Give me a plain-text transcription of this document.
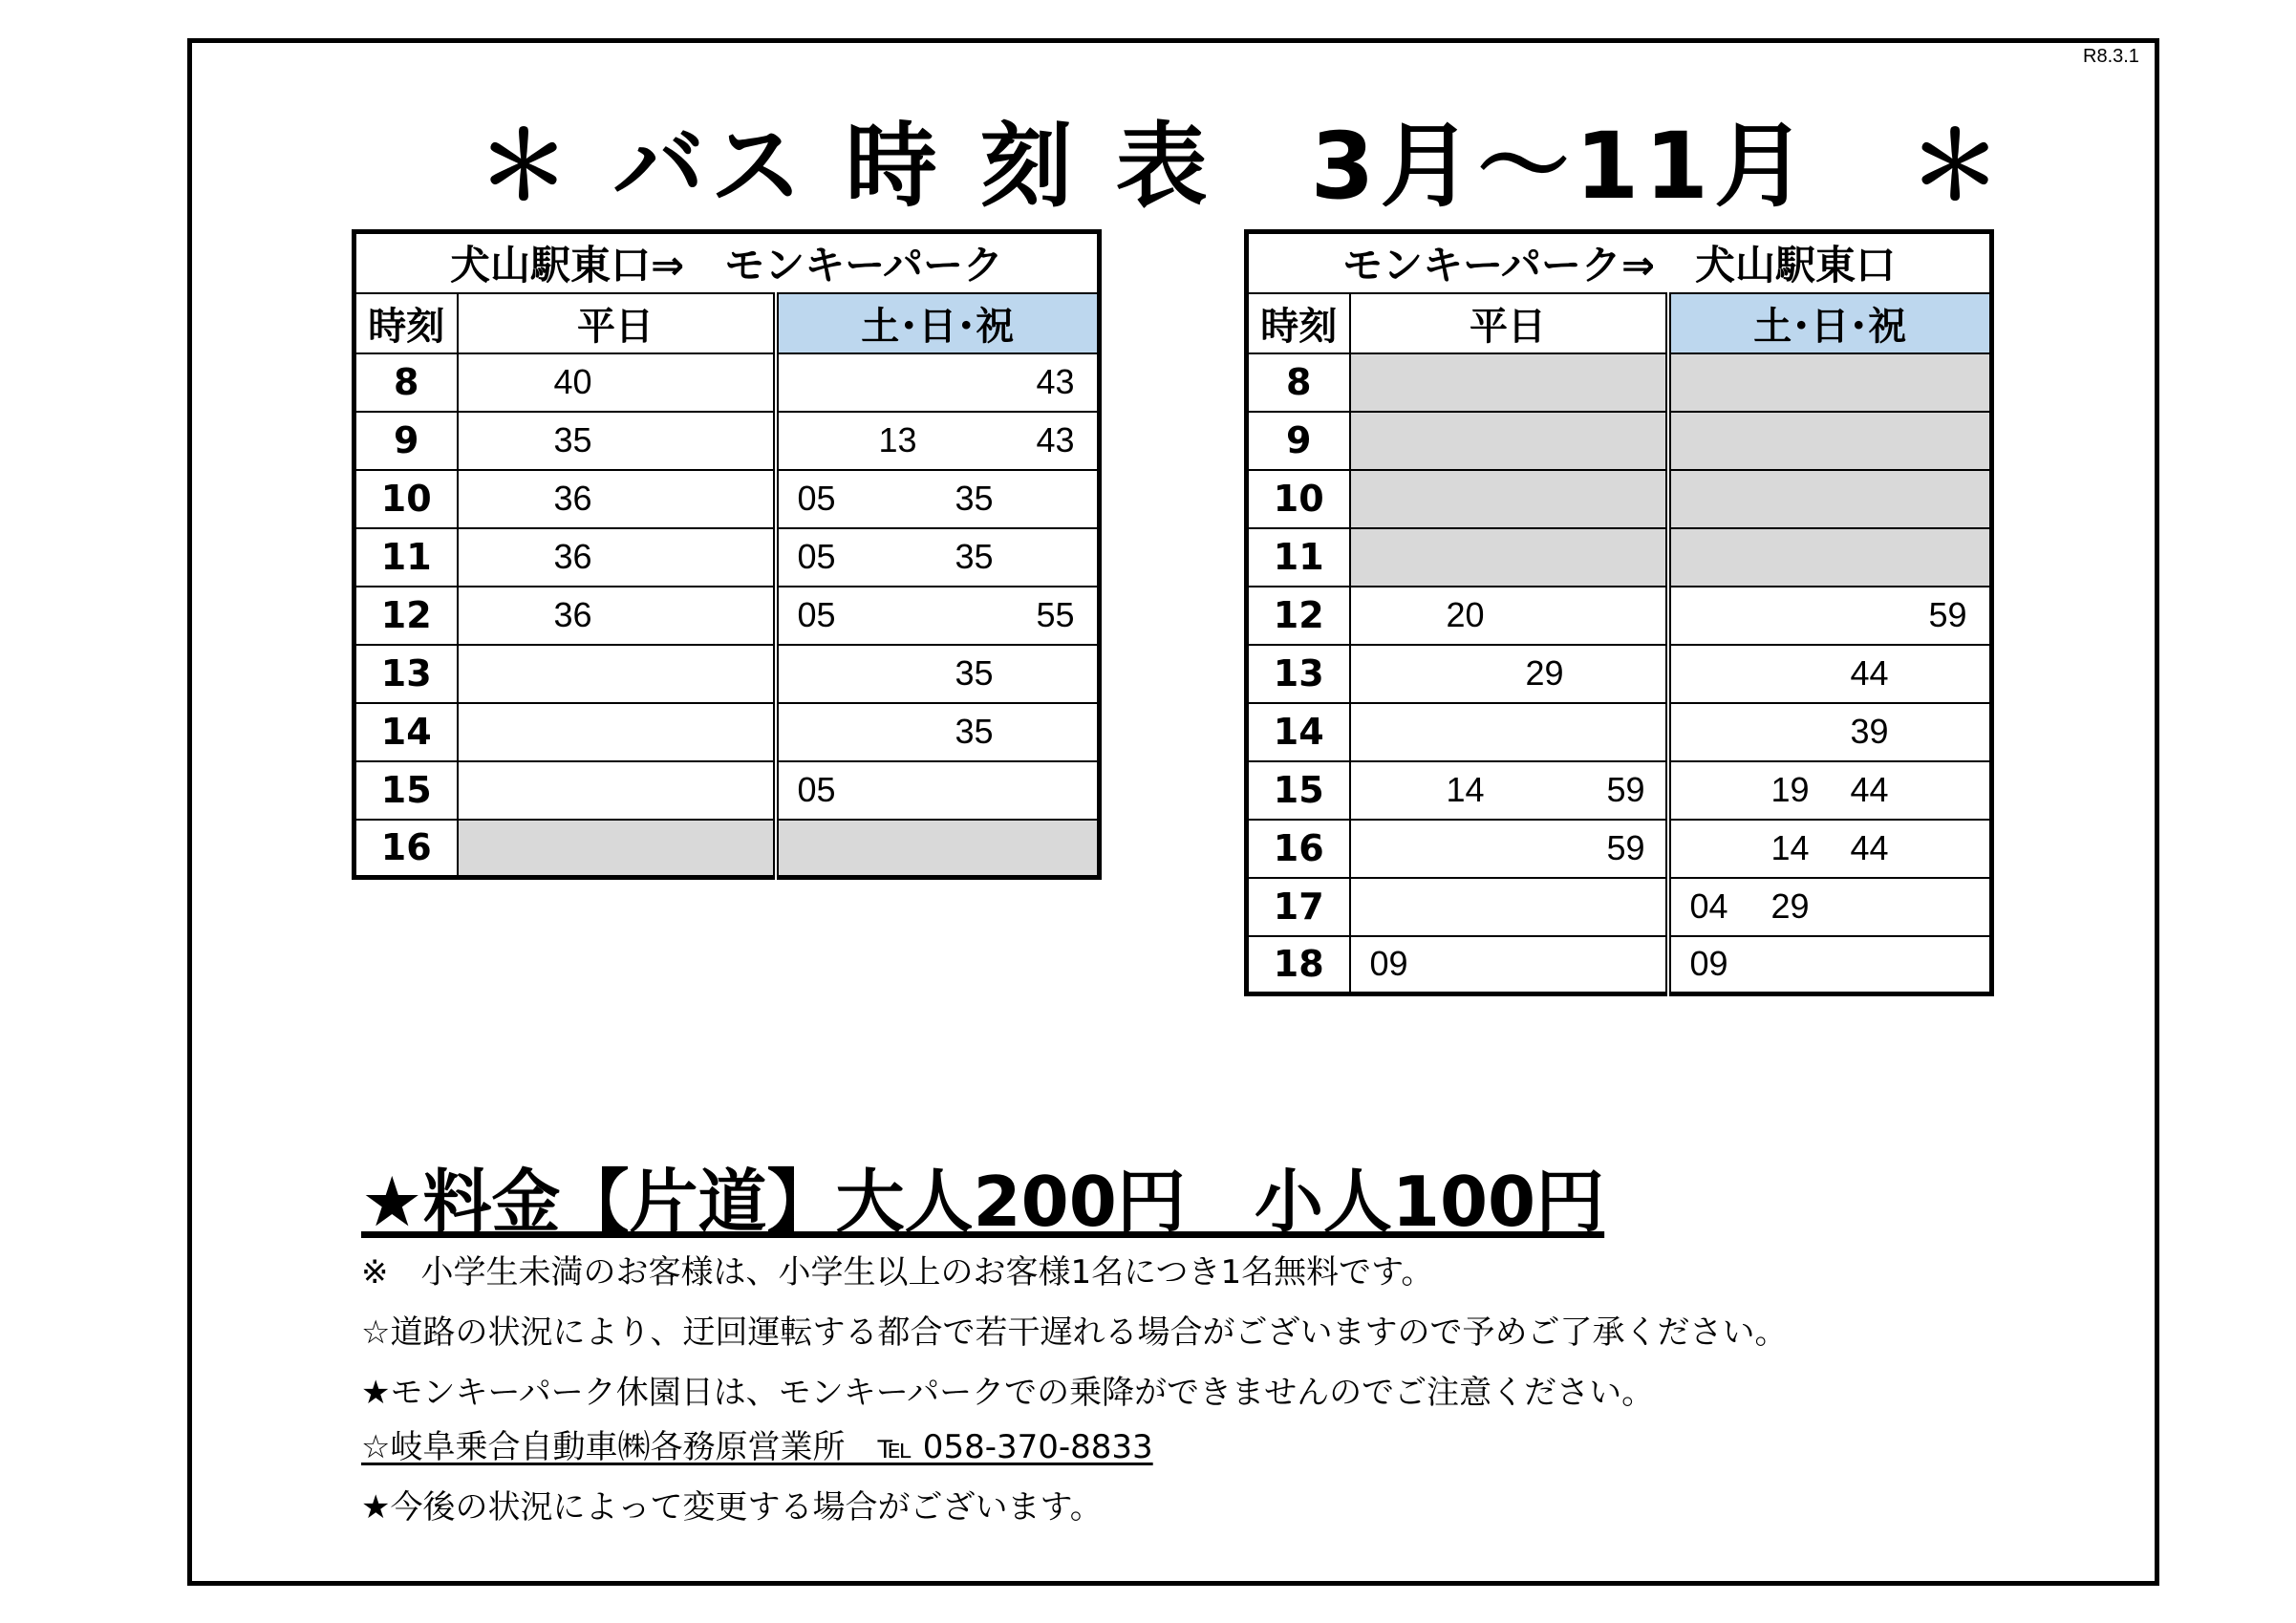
R8.3.1
＊ バス 時 刻 表　3月～11月　＊
犬山駅東口⇒　モンキーパーク		
時刻	平日	土･日･祝
8	40	43

9	35	13 43

10	36	05 35

11	36	05 35

12	36	05 55

13		35

14		35

15		05

16		
モンキーパーク⇒　犬山駅東口		
時刻	平日	土･日･祝
8		
9		
10		
11		
12	20	59

13	29	44

14		39

15	14 59	19 44

16	59	14 44

17		04 29

18	09	09
★料金【片道】大人200円　小人100円
※　小学生未満のお客様は、小学生以上のお客様1名につき1名無料です。
☆道路の状況により、迂回運転する都合で若干遅れる場合がございますので予めご了承ください。
★モンキーパーク休園日は、モンキーパークでの乗降ができませんのでご注意ください。
☆岐阜乗合自動車㈱各務原営業所　℡ 058-370-8833
★今後の状況によって変更する場合がございます。
